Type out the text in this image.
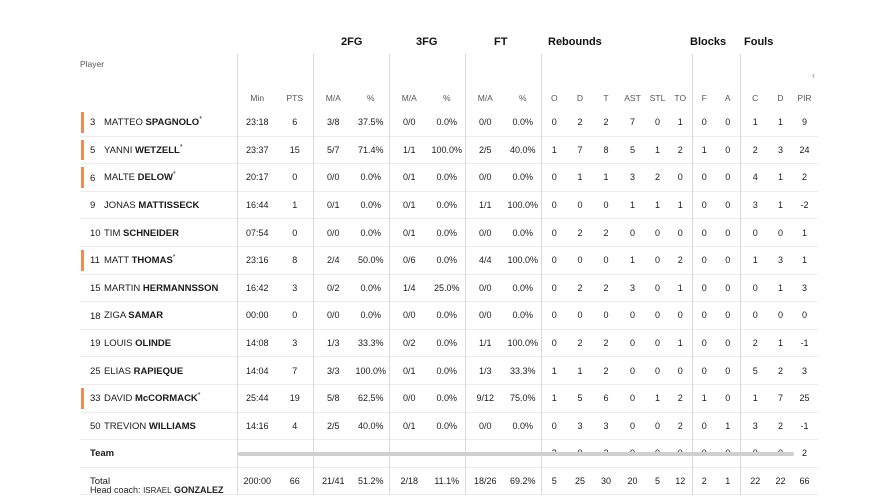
2FG	3FG	FT	Rebounds	Blocks Fouls
Player	Min	PTS	M/A	%	M/A	%	M/A	%	O	D	T	AST	STL	TO	F	A	C	D	PIR

3 MATTEO SPAGNOLO*	23:18	6	3/8	37.5%	0/0	0.0%	0/0	0.0%	0	2	2	7	0	1	0	0	1	1	9

5 YANNI WETZELL*	23:37	15	5/7	71.4%	1/1	100.0%	2/5	40.0%	1	7	8	5	1	2	1	0	2	3	24

6 MALTE DELOW*	20:17	0	0/0	0.0%	0/1	0.0%	0/0	0.0%	0	1	1	3	2	0	0	0	4	1	2
9 JONAS MATTISSECK	16:44	1	0/1	0.0%	0/1	0.0%	1/1	100.0%	0	0	0	1	1	1	0	0	3	1	-2
10 TIM SCHNEIDER	07:54	0	0/0	0.0%	0/1	0.0%	0/0	0.0%	0	2	2	0	0	0	0	0	0	0	1

11 MATT THOMAS*	23:16	8	2/4	50.0%	0/6	0.0%	4/4	100.0%	0	0	0	1	0	2	0	0	1	3	1
15 MARTIN HERMANNSSON	16:42	3	0/2	0.0%	1/4	25.0%	0/0	0.0%	0	2	2	3	0	1	0	0	0	1	3
18 ZIGA SAMAR	00:00	0	0/0	0.0%	0/0	0.0%	0/0	0.0%	0	0	0	0	0	0	0	0	0	0	0
19 LOUIS OLINDE	14:08	3	1/3	33.3%	0/2	0.0%	1/1	100.0%	0	2	2	0	0	1	0	0	2	1	-1
25 ELIAS RAPIEQUE	14:04	7	3/3	100.0%	0/1	0.0%	1/3	33.3%	1	1	2	0	0	0	0	0	5	2	3

33 DAVID McCORMACK*	25:44	19	5/8	62.5%	0/0	0.0%	9/12	75.0%	1	5	6	0	1	2	1	0	1	7	25
50 TREVION WILLIAMS	14:16	4	2/5	40.0%	0/1	0.0%	0/0	0.0%	0	3	3	0	0	2	0	1	3	2	-1
Team																			2
Total	200:00	66	21/41	51.2%	2/18	11.1%	18/26	69.2%	5	25	30	20	5	12	2	1	22	22	66
‹
Head coach: ISRAEL GONZALEZ
